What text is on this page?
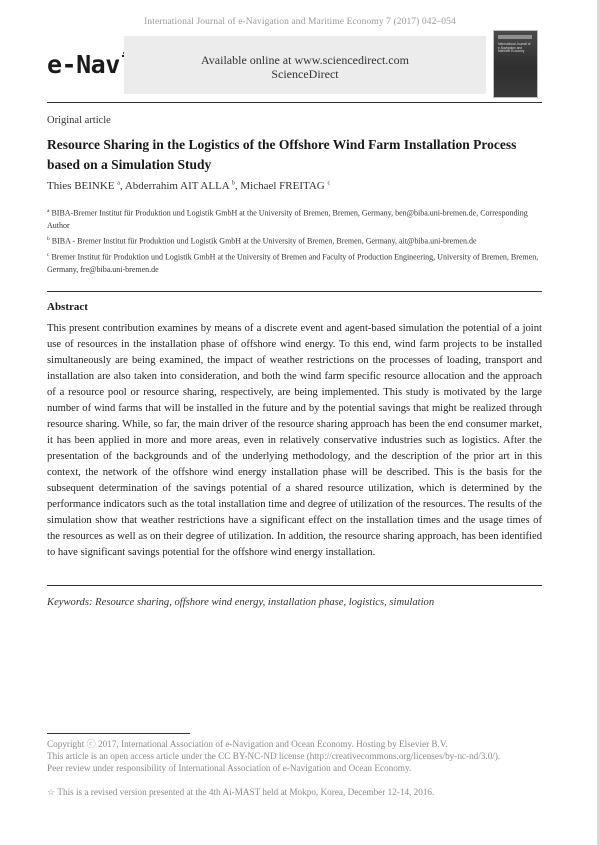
International Journal of e-Navigation and Maritime Economy 7 (2017) 042–054
e-Nav	Available online at www.sciencedirect.com
ScienceDirect
International Journal of e-Navigation and Maritime Economy
Original article
Resource Sharing in the Logistics of the Offshore Wind Farm Installation Process based on a Simulation Study
Thies BEINKE $^a$, Abderrahim AIT ALLA $^b$, Michael FREITAG $^c$
$^a$ BIBA-Bremer Institut für Produktion und Logistik GmbH at the University of Bremen, Bremen, Germany, ben@biba.uni-bremen.de, Corresponding Author
$^b$ BIBA - Bremer Institut für Produktion und Logistik GmbH at the University of Bremen, Bremen, Germany, ait@biba.uni-bremen.de
$^c$ Bremer Institut für Produktion und Logistik GmbH at the University of Bremen and Faculty of Production Engineering, University of Bremen, Bremen, Germany, fre@biba.uni-bremen.de
Abstract
This present contribution examines by means of a discrete event and agent-based simulation the potential of a joint use of resources in the installation phase of offshore wind energy. To this end, wind farm projects to be installed simultaneously are being examined, the impact of weather restrictions on the processes of loading, transport and installation are also taken into consideration, and both the wind farm specific resource allocation and the approach of a resource pool or resource sharing, respectively, are being implemented. This study is motivated by the large number of wind farms that will be installed in the future and by the potential savings that might be realized through resource sharing. While, so far, the main driver of the resource sharing approach has been the end consumer market, it has been applied in more and more areas, even in relatively conservative industries such as logistics. After the presentation of the backgrounds and of the underlying methodology, and the description of the prior art in this context, the network of the offshore wind energy installation phase will be described. This is the basis for the subsequent determination of the savings potential of a shared resource utilization, which is determined by the performance indicators such as the total installation time and degree of utilization of the resources. The results of the simulation show that weather restrictions have a significant effect on the installation times and the usage times of the resources as well as on their degree of utilization. In addition, the resource sharing approach, has been identified to have significant savings potential for the offshore wind energy installation.
Keywords: Resource sharing, offshore wind energy, installation phase, logistics, simulation
Copyright ⓒ 2017, International Association of e-Navigation and Ocean Economy. Hosting by Elsevier B.V.
This article is an open access article under the CC BY-NC-ND license (http://creativecommons.org/licenses/by-nc-nd/3.0/).
Peer review under responsibility of International Association of e-Navigation and Ocean Economy.
☆ This is a revised version presented at the 4th Ai-MAST held at Mokpo, Korea, December 12-14, 2016.
